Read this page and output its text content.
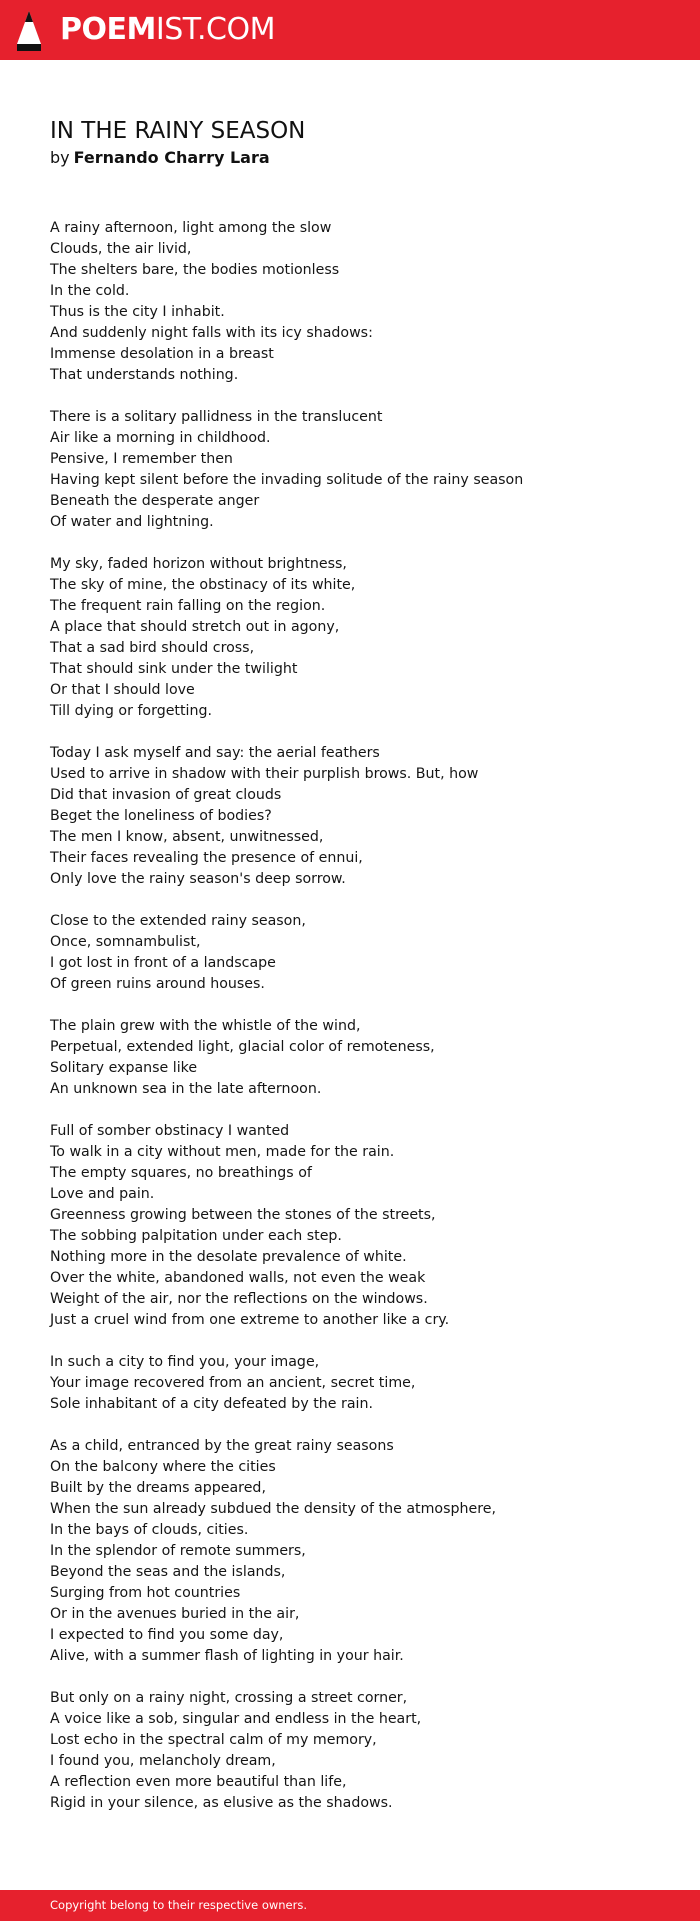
POEMIST.COM
IN THE RAINY SEASON
by Fernando Charry Lara
A rainy afternoon, light among the slow
Clouds, the air livid,
The shelters bare, the bodies motionless
In the cold.
Thus is the city I inhabit.
And suddenly night falls with its icy shadows:
Immense desolation in a breast
That understands nothing.
There is a solitary pallidness in the translucent
Air like a morning in childhood.
Pensive, I remember then
Having kept silent before the invading solitude of the rainy season
Beneath the desperate anger
Of water and lightning.
My sky, faded horizon without brightness,
The sky of mine, the obstinacy of its white,
The frequent rain falling on the region.
A place that should stretch out in agony,
That a sad bird should cross,
That should sink under the twilight
Or that I should love
Till dying or forgetting.
Today I ask myself and say: the aerial feathers
Used to arrive in shadow with their purplish brows. But, how
Did that invasion of great clouds
Beget the loneliness of bodies?
The men I know, absent, unwitnessed,
Their faces revealing the presence of ennui,
Only love the rainy season's deep sorrow.
Close to the extended rainy season,
Once, somnambulist,
I got lost in front of a landscape
Of green ruins around houses.
The plain grew with the whistle of the wind,
Perpetual, extended light, glacial color of remoteness,
Solitary expanse like
An unknown sea in the late afternoon.
Full of somber obstinacy I wanted
To walk in a city without men, made for the rain.
The empty squares, no breathings of
Love and pain.
Greenness growing between the stones of the streets,
The sobbing palpitation under each step.
Nothing more in the desolate prevalence of white.
Over the white, abandoned walls, not even the weak
Weight of the air, nor the reflections on the windows.
Just a cruel wind from one extreme to another like a cry.
In such a city to find you, your image,
Your image recovered from an ancient, secret time,
Sole inhabitant of a city defeated by the rain.
As a child, entranced by the great rainy seasons
On the balcony where the cities
Built by the dreams appeared,
When the sun already subdued the density of the atmosphere,
In the bays of clouds, cities.
In the splendor of remote summers,
Beyond the seas and the islands,
Surging from hot countries
Or in the avenues buried in the air,
I expected to find you some day,
Alive, with a summer flash of lighting in your hair.
But only on a rainy night, crossing a street corner,
A voice like a sob, singular and endless in the heart,
Lost echo in the spectral calm of my memory,
I found you, melancholy dream,
A reflection even more beautiful than life,
Rigid in your silence, as elusive as the shadows.
Copyright belong to their respective owners.
